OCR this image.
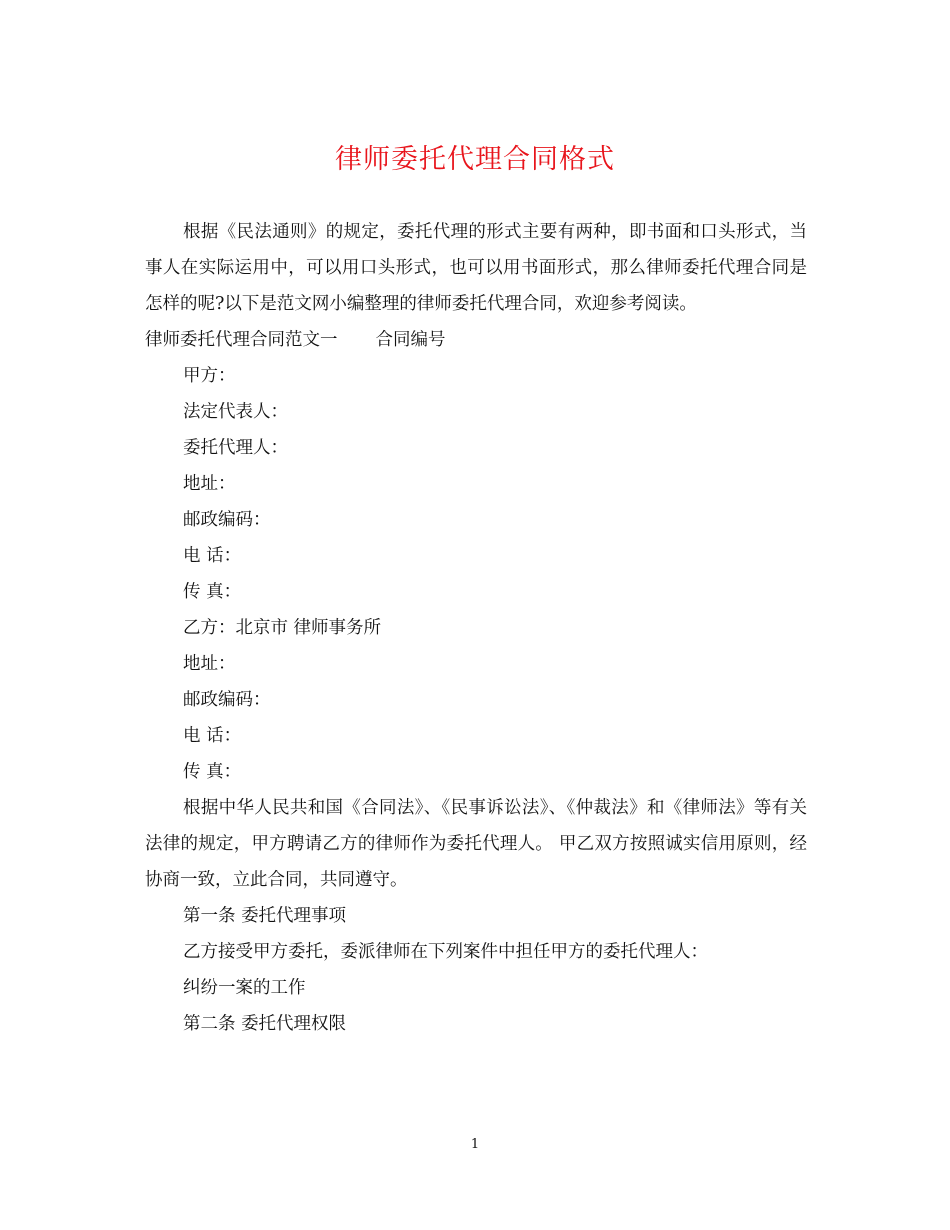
律师委托代理合同格式

根据《民法通则》的规定，委托代理的形式主要有两种，即书面和口头形式，当事人在实际运用中，可以用口头形式，也可以用书面形式，那么律师委托代理合同是怎样的呢?以下是范文网小编整理的律师委托代理合同，欢迎参考阅读。

律师委托代理合同范文一 合同编号

甲方：

法定代表人：

委托代理人：

地址：

邮政编码：

电 话：

传 真：

乙方：北京市 律师事务所

地址：

邮政编码：

电 话：

传 真：

根据中华人民共和国《合同法》、《民事诉讼法》、《仲裁法》和《律师法》等有关法律的规定，甲方聘请乙方的律师作为委托代理人。 甲乙双方按照诚实信用原则，经协商一致，立此合同，共同遵守。

第一条 委托代理事项

乙方接受甲方委托，委派律师在下列案件中担任甲方的委托代理人：

纠纷一案的工作

第二条 委托代理权限

1
